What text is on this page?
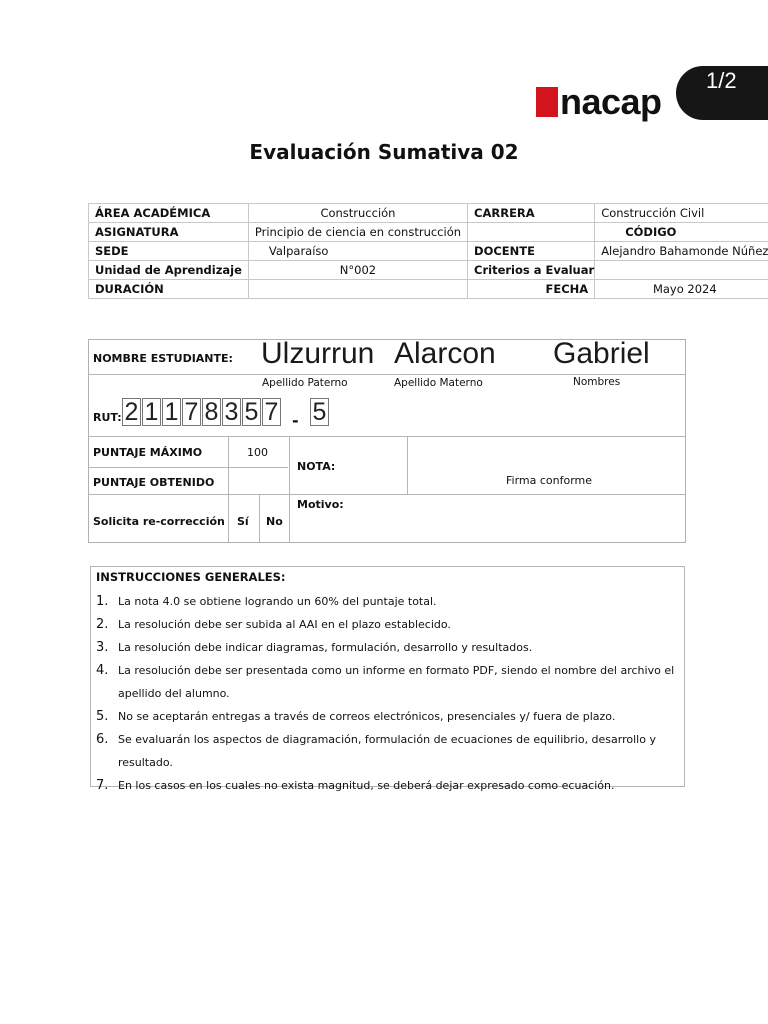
1/2
nacap
Evaluación Sumativa 02
ÁREA ACADÉMICA	Construcción	CARRERA	Construcción Civil
ASIGNATURA	Principio de ciencia en construcción		CÓDIGO
SEDE	Valparaíso	DOCENTE	Alejandro Bahamonde Núñez
Unidad de Aprendizaje	N°002	Criterios a Evaluar	
DURACIÓN		FECHA	Mayo 2024
NOMBRE ESTUDIANTE: Ulzurrun Alarcon Gabriel
Apellido Paterno	Apellido Materno	Nombres
RUT: 2 1 1 7 8 3 5 7 - 5
PUNTAJE MÁXIMO	100
NOTA:
Firma conforme
PUNTAJE OBTENIDO
Solicita re-corrección Sí No
Motivo:
INSTRUCCIONES GENERALES:
1. La nota 4.0 se obtiene logrando un 60% del puntaje total.
2. La resolución debe ser subida al AAI en el plazo establecido.
3. La resolución debe indicar diagramas, formulación, desarrollo y resultados.
4. La resolución debe ser presentada como un informe en formato PDF, siendo el nombre del archivo el apellido del alumno.
5. No se aceptarán entregas a través de correos electrónicos, presenciales y/ fuera de plazo.
6. Se evaluarán los aspectos de diagramación, formulación de ecuaciones de equilibrio, desarrollo y resultado.
7. En los casos en los cuales no exista magnitud, se deberá dejar expresado como ecuación.
